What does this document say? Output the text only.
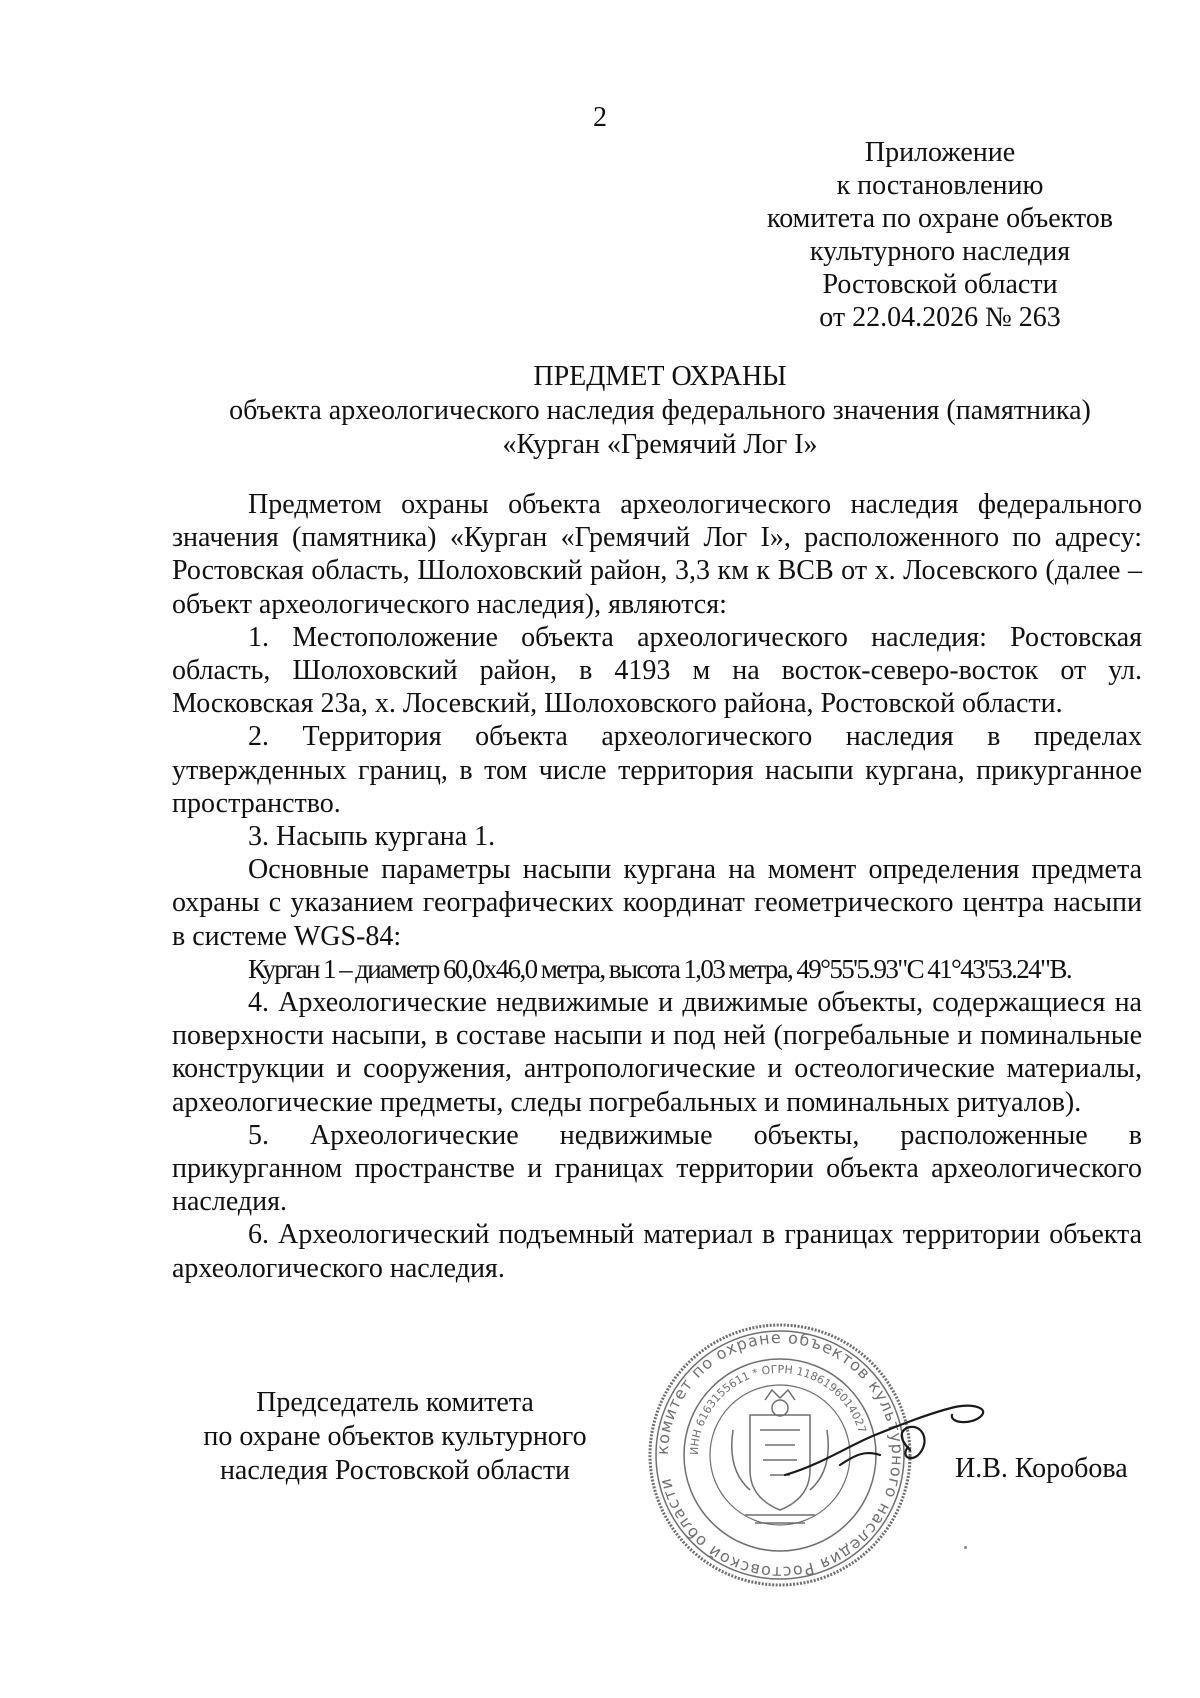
2
Приложение
к постановлению
комитета по охране объектов
культурного наследия
Ростовской области
от 22.04.2026 № 263
ПРЕДМЕТ ОХРАНЫ
объекта археологического наследия федерального значения (памятника)
«Курган «Гремячий Лог I»

Предметом охраны объекта археологического наследия федерального значения (памятника) «Курган «Гремячий Лог I», расположенного по адресу: Ростовская область, Шолоховский район, 3,3 км к ВСВ от х. Лосевского (далее – объект археологического наследия), являются:

1. Местоположение объекта археологического наследия: Ростовская область, Шолоховский район, в 4193 м на восток-северо-восток от ул. Московская 23а, х. Лосевский, Шолоховского района, Ростовской области.

2. Территория объекта археологического наследия в пределах утвержденных границ, в том числе территория насыпи кургана, прикурганное пространство.

3. Насыпь кургана 1.

Основные параметры насыпи кургана на момент определения предмета охраны с указанием географических координат геометрического центра насыпи в системе WGS-84:

Курган 1 – диаметр 60,0х46,0 метра, высота 1,03 метра, 49°55'5.93"С 41°43'53.24"В.

4. Археологические недвижимые и движимые объекты, содержащиеся на поверхности насыпи, в составе насыпи и под ней (погребальные и поминальные конструкции и сооружения, антропологические и остеологические материалы, археологические предметы, следы погребальных и поминальных ритуалов).

5. Археологические недвижимые объекты, расположенные в прикурганном пространстве и границах территории объекта археологического наследия.

6. Археологический подъемный материал в границах территории объекта археологического наследия.

Председатель комитета
по охране объектов культурного
наследия Ростовской области
комитет по охране объектов культурного наследия Ростовской области
ИНН 6163155611 * ОГРН 1186196014027
И.В. Коробова
